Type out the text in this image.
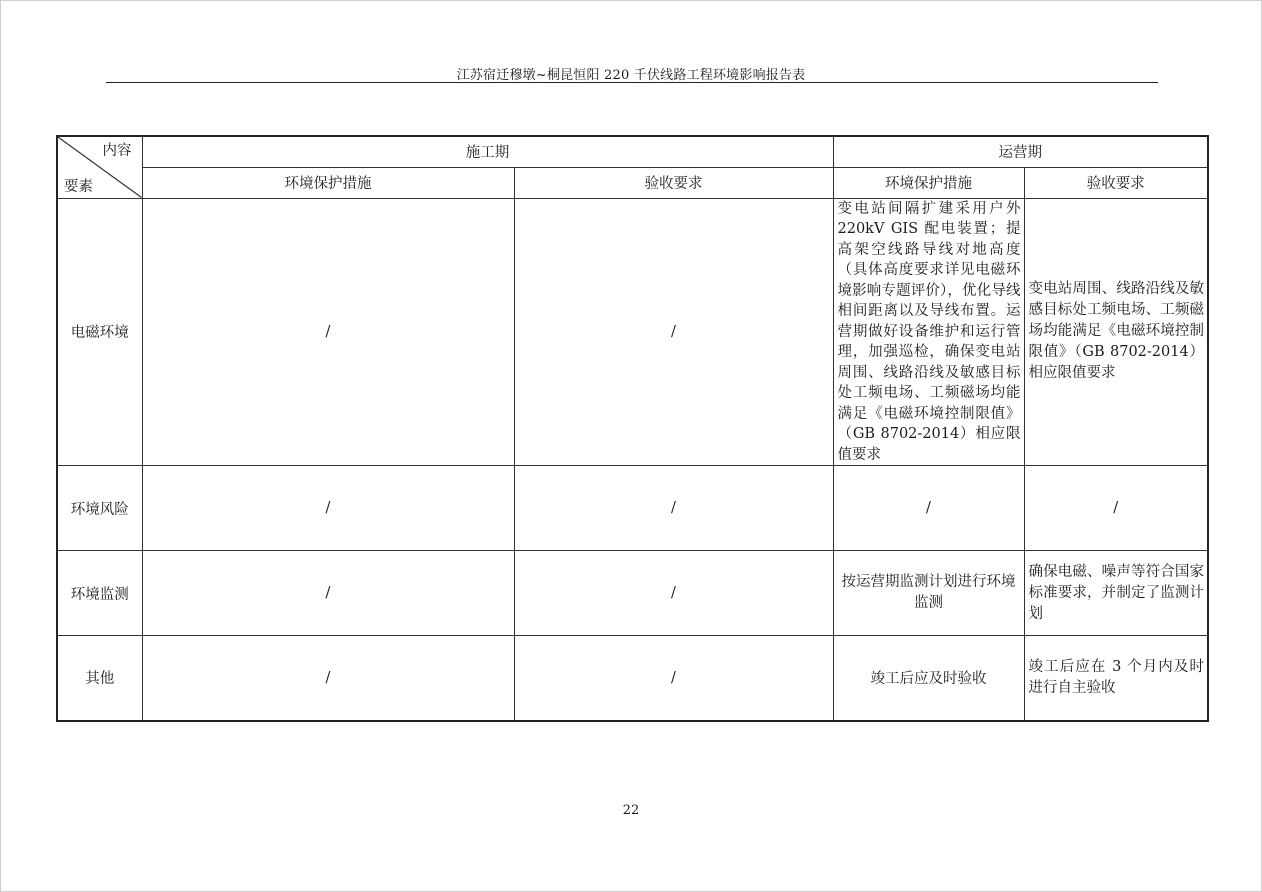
江苏宿迁穆墩~桐昆恒阳 220 千伏线路工程环境影响报告表
内容
要素	施工期		运营期	
	环境保护措施	验收要求	环境保护措施	验收要求
电磁环境	/	/	变电站间隔扩建采用户外220kV GIS 配电装置；提高架空线路导线对地高度（具体高度要求详见电磁环境影响专题评价），优化导线相间距离以及导线布置。运营期做好设备维护和运行管理，加强巡检，确保变电站周围、线路沿线及敏感目标处工频电场、工频磁场均能满足《电磁环境控制限值》（GB 8702-2014）相应限值要求	变电站周围、线路沿线及敏感目标处工频电场、工频磁场均能满足《电磁环境控制限值》（GB 8702-2014）相应限值要求

环境风险	/	/	/	/
环境监测	/	/	按运营期监测计划进行环境监测	确保电磁、噪声等符合国家标准要求，并制定了监测计划

其他	/	/	竣工后应及时验收	竣工后应在 3 个月内及时进行自主验收
22
